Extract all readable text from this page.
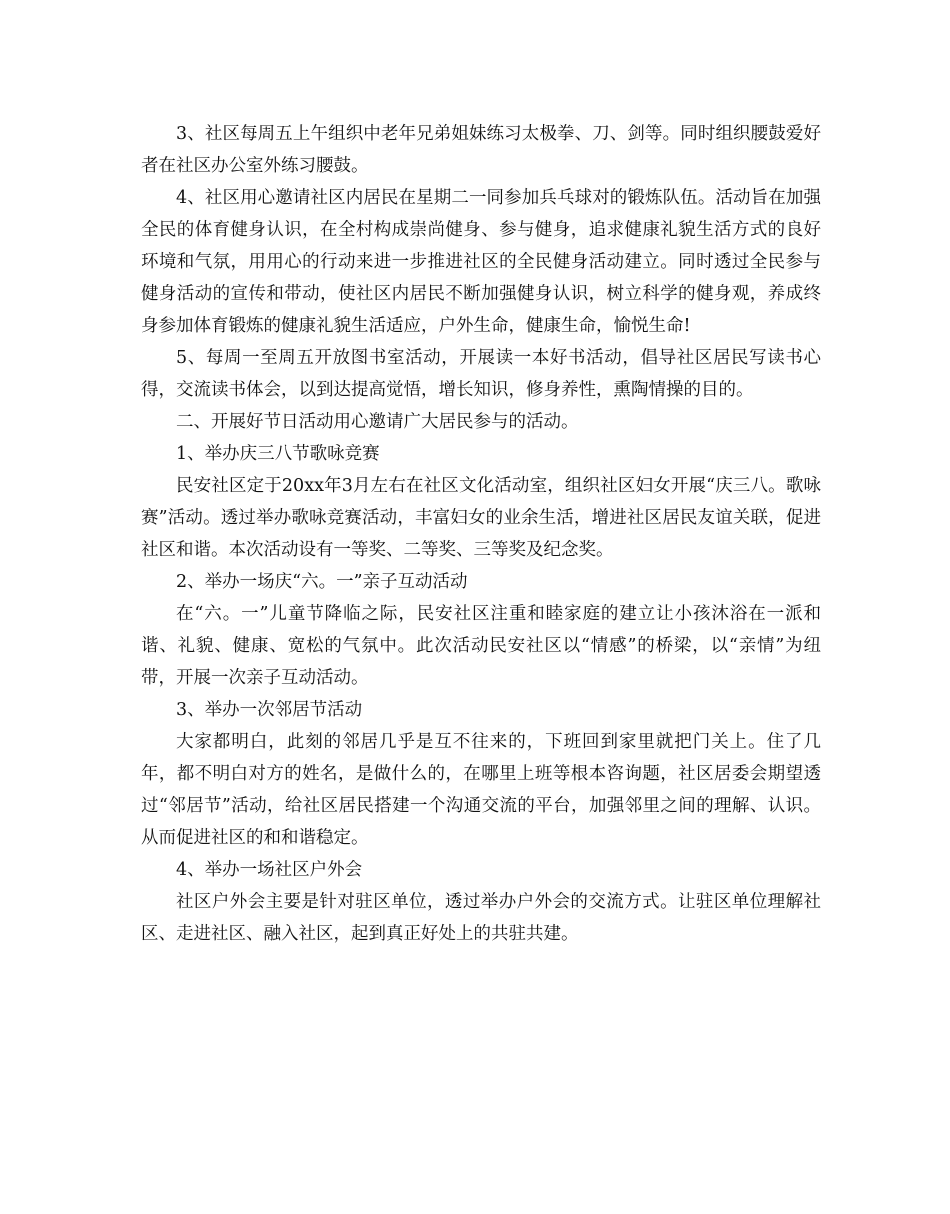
3、社区每周五上午组织中老年兄弟姐妹练习太极拳、刀、剑等。同时组织腰鼓爱好者在社区办公室外练习腰鼓。

4、社区用心邀请社区内居民在星期二一同参加兵乓球对的锻炼队伍。活动旨在加强全民的体育健身认识，在全村构成崇尚健身、参与健身，追求健康礼貌生活方式的良好环境和气氛，用用心的行动来进一步推进社区的全民健身活动建立。同时透过全民参与健身活动的宣传和带动，使社区内居民不断加强健身认识，树立科学的健身观，养成终身参加体育锻炼的健康礼貌生活适应，户外生命，健康生命，愉悦生命!

5、每周一至周五开放图书室活动，开展读一本好书活动，倡导社区居民写读书心得，交流读书体会，以到达提高觉悟，增长知识，修身养性，熏陶情操的目的。

二、开展好节日活动用心邀请广大居民参与的活动。

1、举办庆三八节歌咏竞赛

民安社区定于20xx年3月左右在社区文化活动室，组织社区妇女开展“庆三八。歌咏赛”活动。透过举办歌咏竞赛活动，丰富妇女的业余生活，增进社区居民友谊关联，促进社区和谐。本次活动设有一等奖、二等奖、三等奖及纪念奖。

2、举办一场庆“六。一”亲子互动活动

在“六。一”儿童节降临之际，民安社区注重和睦家庭的建立让小孩沐浴在一派和谐、礼貌、健康、宽松的气氛中。此次活动民安社区以“情感”的桥梁，以“亲情”为纽带，开展一次亲子互动活动。

3、举办一次邻居节活动

大家都明白，此刻的邻居几乎是互不往来的，下班回到家里就把门关上。住了几年，都不明白对方的姓名，是做什么的，在哪里上班等根本咨询题，社区居委会期望透过“邻居节”活动，给社区居民搭建一个沟通交流的平台，加强邻里之间的理解、认识。从而促进社区的和和谐稳定。

4、举办一场社区户外会

社区户外会主要是针对驻区单位，透过举办户外会的交流方式。让驻区单位理解社区、走进社区、融入社区，起到真正好处上的共驻共建。
